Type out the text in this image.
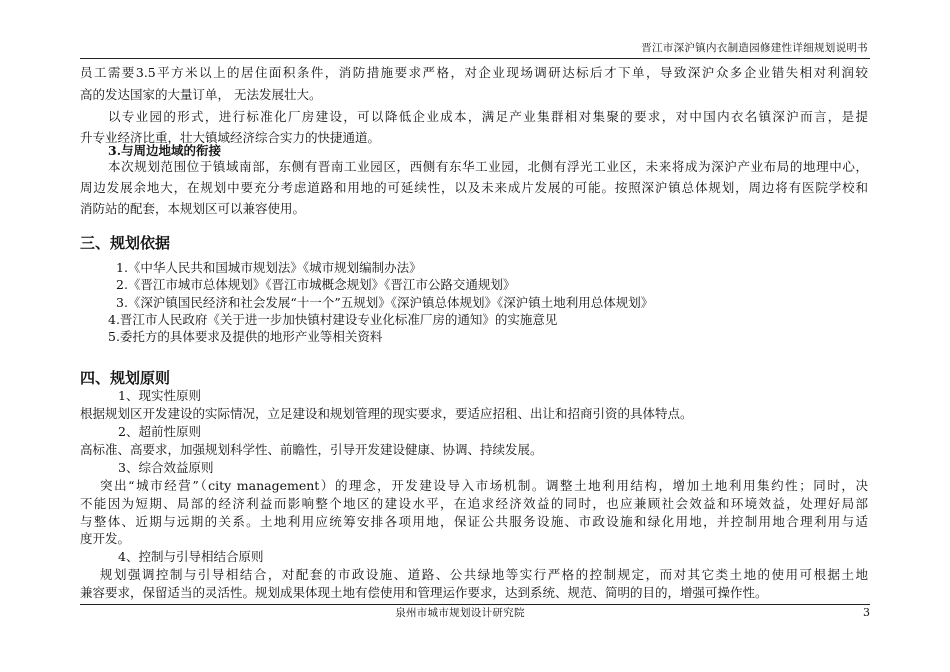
晋江市深沪镇内衣制造园修建性详细规划说明书
员工需要3.5平方米以上的居住面积条件，消防措施要求严格，对企业现场调研达标后才下单，导致深沪众多企业错失相对利润较
高的发达国家的大量订单， 无法发展壮大。
以专业园的形式，进行标准化厂房建设，可以降低企业成本，满足产业集群相对集聚的要求，对中国内衣名镇深沪而言，是提
升专业经济比重，壮大镇域经济综合实力的快捷通道。
3.与周边地域的衔接
本次规划范围位于镇域南部，东侧有晋南工业园区，西侧有东华工业园，北侧有浮光工业区，未来将成为深沪产业布局的地理中心，
周边发展余地大，在规划中要充分考虑道路和用地的可延续性，以及未来成片发展的可能。按照深沪镇总体规划，周边将有医院学校和
消防站的配套，本规划区可以兼容使用。
三、规划依据
1.《中华人民共和国城市规划法》《城市规划编制办法》
2.《晋江市城市总体规划》《晋江市城概念规划》《晋江市公路交通规划》
3.《深沪镇国民经济和社会发展“十一个”五规划》《深沪镇总体规划》《深沪镇土地利用总体规划》
4.晋江市人民政府《关于进一步加快镇村建设专业化标准厂房的通知》的实施意见
5.委托方的具体要求及提供的地形产业等相关资料
四、规划原则
1、现实性原则
根据规划区开发建设的实际情况，立足建设和规划管理的现实要求，要适应招租、出让和招商引资的具体特点。
2、超前性原则
高标准、高要求，加强规划科学性、前瞻性，引导开发建设健康、协调、持续发展。
3、综合效益原则
突出“城市经营”（city management）的理念，开发建设导入市场机制。调整土地利用结构，增加土地利用集约性；同时，决
不能因为短期、局部的经济利益而影响整个地区的建设水平，在追求经济效益的同时，也应兼顾社会效益和环境效益，处理好局部
与整体、近期与远期的关系。土地利用应统筹安排各项用地，保证公共服务设施、市政设施和绿化用地，并控制用地合理利用与适
度开发。
4、控制与引导相结合原则
规划强调控制与引导相结合，对配套的市政设施、道路、公共绿地等实行严格的控制规定，而对其它类土地的使用可根据土地
兼容要求，保留适当的灵活性。规划成果体现土地有偿使用和管理运作要求，达到系统、规范、简明的目的，增强可操作性。
泉州市城市规划设计研究院	3
